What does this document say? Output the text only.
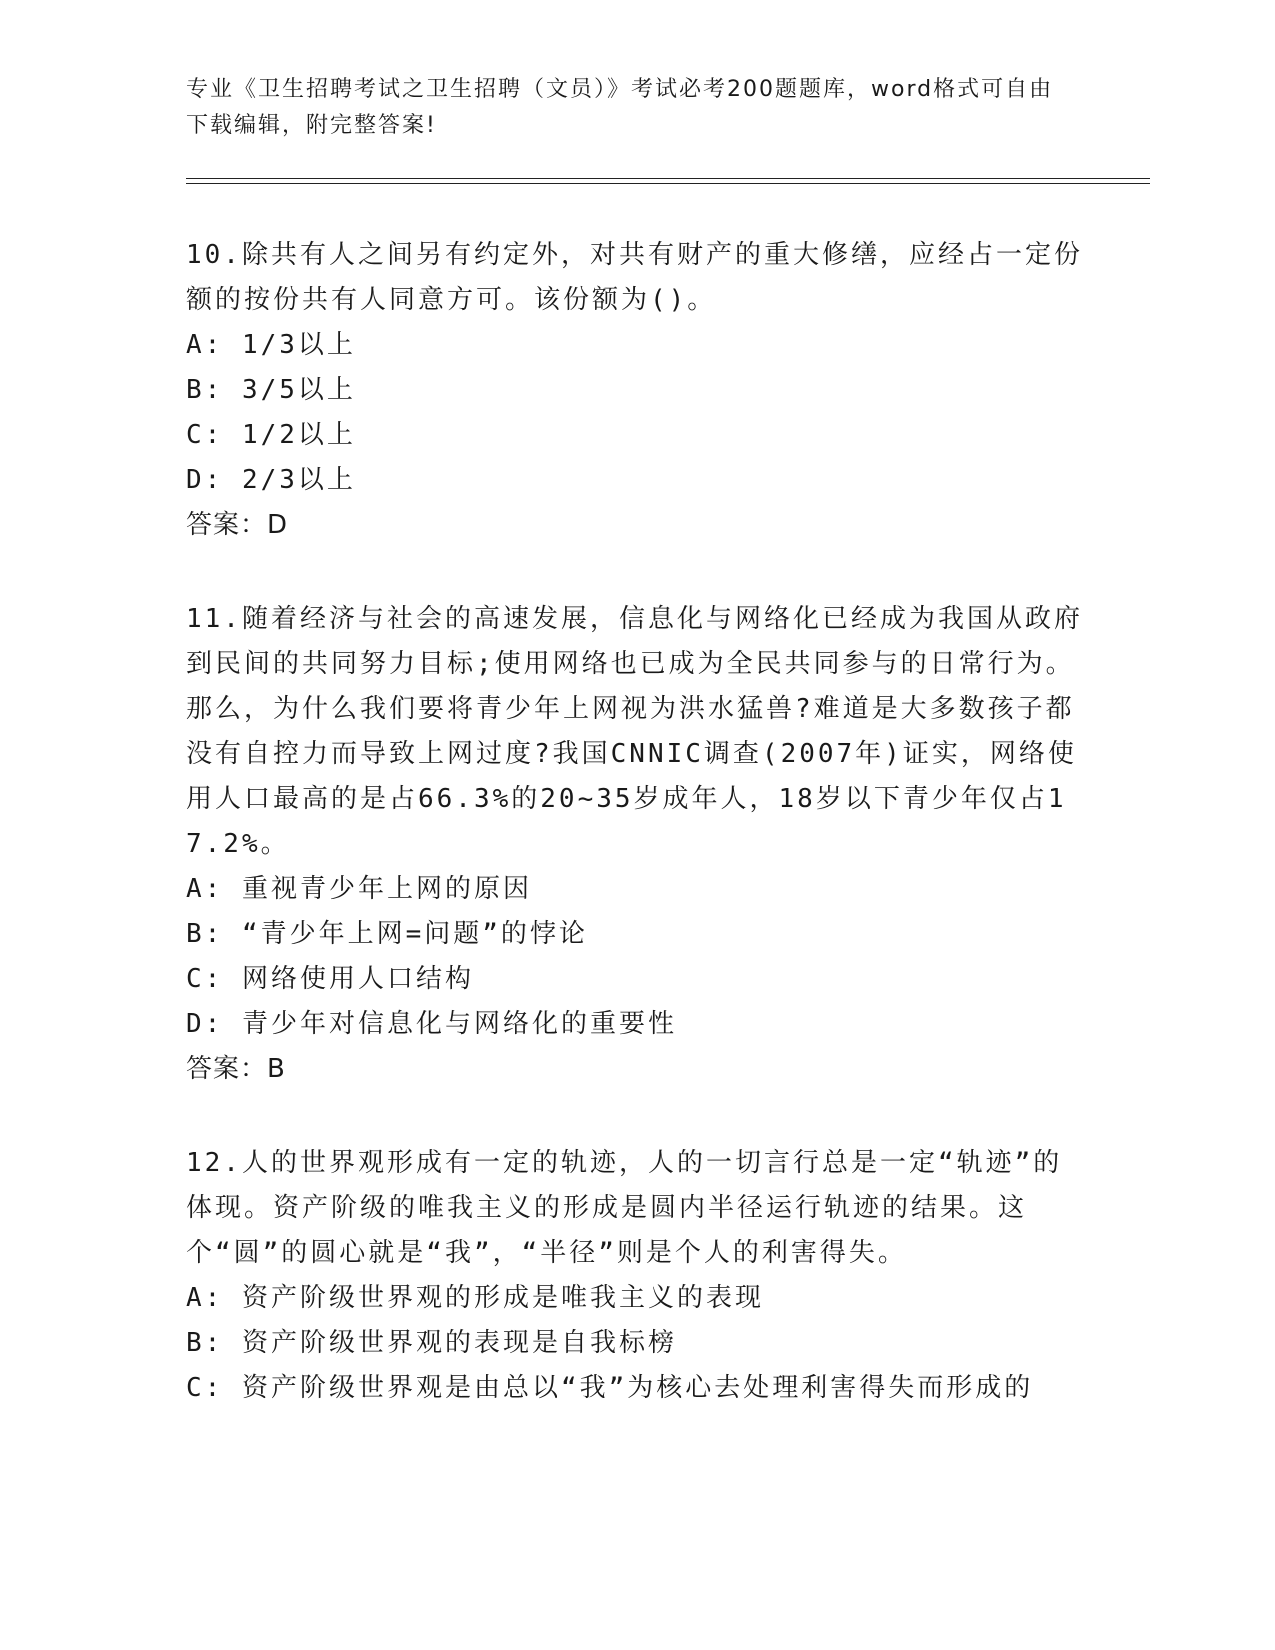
专业《卫生招聘考试之卫生招聘（文员）》考试必考200题题库，word格式可自由下载编辑，附完整答案!

10.除共有人之间另有约定外，对共有财产的重大修缮，应经占一定份额的按份共有人同意方可。该份额为()。

A: 1/3以上
B: 3/5以上
C: 1/2以上
D: 2/3以上
答案：D

11.随着经济与社会的高速发展，信息化与网络化已经成为我国从政府到民间的共同努力目标;使用网络也已成为全民共同参与的日常行为。那么，为什么我们要将青少年上网视为洪水猛兽?难道是大多数孩子都没有自控力而导致上网过度?我国CNNIC调查(2007年)证实，网络使用人口最高的是占66.3%的20~35岁成年人，18岁以下青少年仅占17.2%。

A: 重视青少年上网的原因
B: “青少年上网=问题”的悖论
C: 网络使用人口结构
D: 青少年对信息化与网络化的重要性
答案：B

12.人的世界观形成有一定的轨迹，人的一切言行总是一定“轨迹”的体现。资产阶级的唯我主义的形成是圆内半径运行轨迹的结果。这个“圆”的圆心就是“我”，“半径”则是个人的利害得失。

A: 资产阶级世界观的形成是唯我主义的表现
B: 资产阶级世界观的表现是自我标榜
C: 资产阶级世界观是由总以“我”为核心去处理利害得失而形成的
